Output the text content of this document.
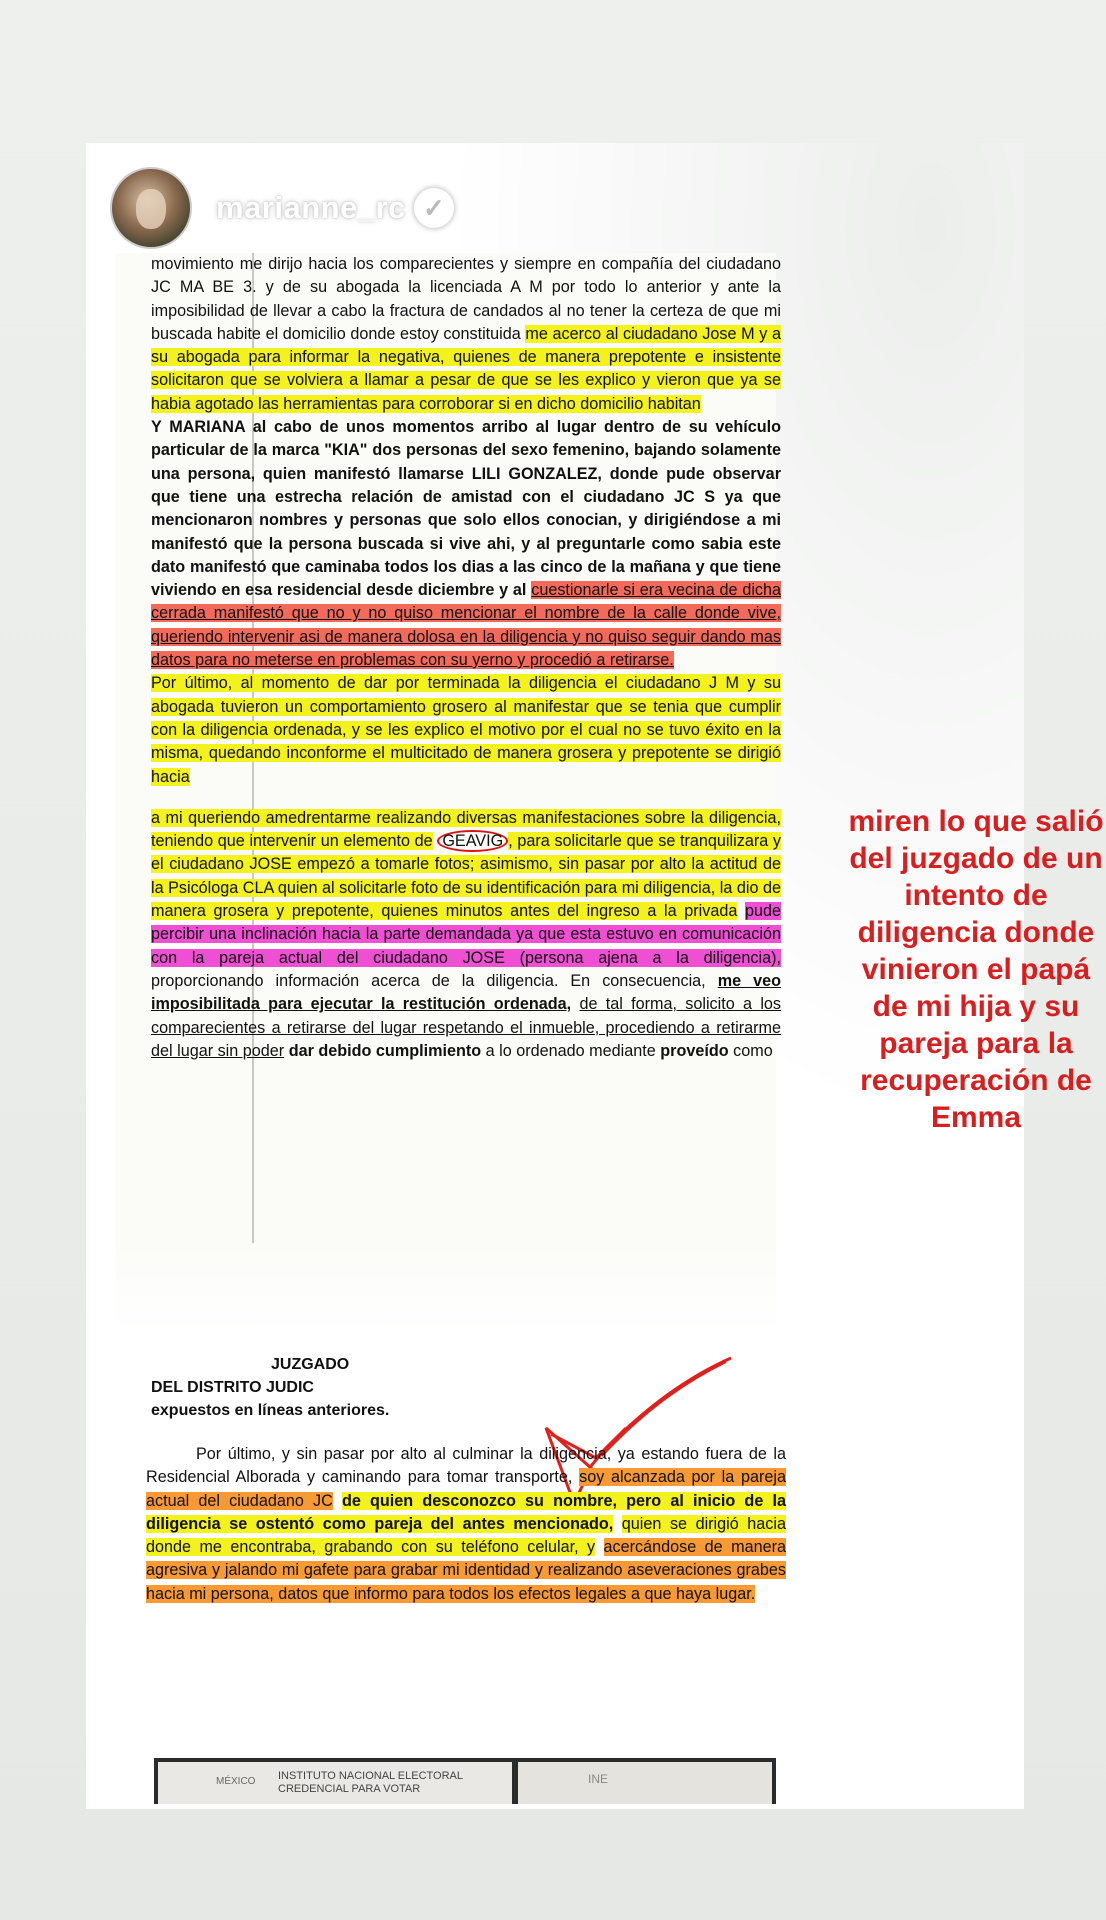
marianne_rc ✓

movimiento me dirijo hacia los comparecientes y siempre en compañía del ciudadano JC MA BE 3. y de su abogada la licenciada A M por todo lo anterior y ante la imposibilidad de llevar a cabo la fractura de candados al no tener la certeza de que mi buscada habite el domicilio donde estoy constituida me acerco al ciudadano Jose M y a su abogada para informar la negativa, quienes de manera prepotente e insistente solicitaron que se volviera a llamar a pesar de que se les explico y vieron que ya se habia agotado las herramientas para corroborar si en dicho domicilio habitan

Y MARIANA al cabo de unos momentos arribo al lugar dentro de su vehículo particular de la marca "KIA" dos personas del sexo femenino, bajando solamente una persona, quien manifestó llamarse LILI GONZALEZ, donde pude observar que tiene una estrecha relación de amistad con el ciudadano JC S ya que mencionaron nombres y personas que solo ellos conocian, y dirigiéndose a mi manifestó que la persona buscada si vive ahi, y al preguntarle como sabia este dato manifestó que caminaba todos los dias a las cinco de la mañana y que tiene viviendo en esa residencial desde diciembre y al cuestionarle si era vecina de dicha cerrada manifestó que no y no quiso mencionar el nombre de la calle donde vive, queriendo intervenir asi de manera dolosa en la diligencia y no quiso seguir dando mas datos para no meterse en problemas con su yerno y procedió a retirarse.

Por último, al momento de dar por terminada la diligencia el ciudadano J M y su abogada tuvieron un comportamiento grosero al manifestar que se tenia que cumplir con la diligencia ordenada, y se les explico el motivo por el cual no se tuvo éxito en la misma, quedando inconforme el multicitado de manera grosera y prepotente se dirigió hacia

a mi queriendo amedrentarme realizando diversas manifestaciones sobre la diligencia, teniendo que intervenir un elemento de GEAVIG , para solicitarle que se tranquilizara y el ciudadano JOSE empezó a tomarle fotos; asimismo, sin pasar por alto la actitud de la Psicóloga CLA quien al solicitarle foto de su identificación para mi diligencia, la dio de manera grosera y prepotente, quienes minutos antes del ingreso a la privada pude percibir una inclinación hacia la parte demandada ya que esta estuvo en comunicación con la pareja actual del ciudadano JOSE (persona ajena a la diligencia), proporcionando información acerca de la diligencia. En consecuencia, me veo imposibilitada para ejecutar la restitución ordenada, de tal forma, solicito a los comparecientes a retirarse del lugar respetando el inmueble, procediendo a retirarme del lugar sin poder dar debido cumplimiento a lo ordenado mediante proveído como

JUZGADO

DEL DISTRITO JUDIC

expuestos en líneas anteriores.

Por último, y sin pasar por alto al culminar la diligencia, ya estando fuera de la Residencial Alborada y caminando para tomar transporte, soy alcanzada por la pareja actual del ciudadano JC de quien desconozco su nombre, pero al inicio de la diligencia se ostentó como pareja del antes mencionado, quien se dirigió hacia donde me encontraba, grabando con su teléfono celular, y acercándose de manera agresiva y jalando mi gafete para grabar mi identidad y realizando aseveraciones grabes hacia mi persona, datos que informo para todos los efectos legales a que haya lugar.

MÉXICO INSTITUTO NACIONAL ELECTORAL
CREDENCIAL PARA VOTAR
INE
miren lo que salió del juzgado de un intento de diligencia donde vinieron el papá de mi hija y su pareja para la recuperación de Emma
